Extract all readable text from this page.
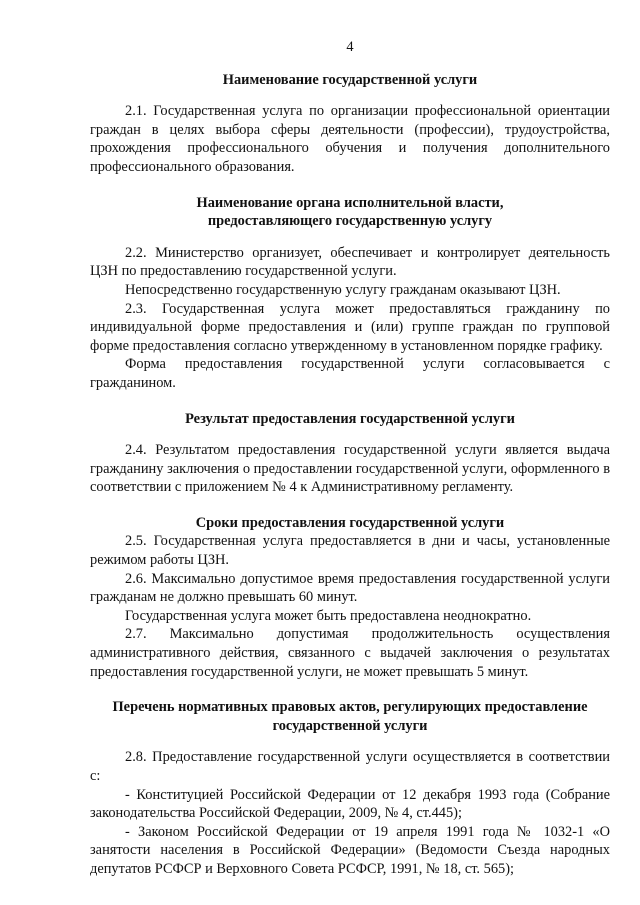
4
Наименование государственной услуги

2.1. Государственная услуга по организации профессиональной ориентации граждан в целях выбора сферы деятельности (профессии), трудоустройства, прохождения профессионального обучения и получения дополнительного профессионального образования.

Наименование органа исполнительной власти,
предоставляющего государственную услугу

2.2. Министерство организует, обеспечивает и контролирует деятельность ЦЗН по предоставлению государственной услуги.

Непосредственно государственную услугу гражданам оказывают ЦЗН.

2.3. Государственная услуга может предоставляться гражданину по индивидуальной форме предоставления и (или) группе граждан по групповой форме предоставления согласно утвержденному в установленном порядке графику.

Форма предоставления государственной услуги согласовывается с гражданином.

Результат предоставления государственной услуги

2.4. Результатом предоставления государственной услуги является выдача гражданину заключения о предоставлении государственной услуги, оформленного в соответствии с приложением № 4 к Административному регламенту.

Сроки предоставления государственной услуги

2.5. Государственная услуга предоставляется в дни и часы, установленные режимом работы ЦЗН.

2.6. Максимально допустимое время предоставления государственной услуги гражданам не должно превышать 60 минут.

Государственная услуга может быть предоставлена неоднократно.

2.7. Максимально допустимая продолжительность осуществления административного действия, связанного с выдачей заключения о результатах предоставления государственной услуги, не может превышать 5 минут.

Перечень нормативных правовых актов, регулирующих предоставление
государственной услуги

2.8. Предоставление государственной услуги осуществляется в соответствии с:

- Конституцией Российской Федерации от 12 декабря 1993 года (Собрание законодательства Российской Федерации, 2009, № 4, ст.445);

- Законом Российской Федерации от 19 апреля 1991 года № 1032-1 «О занятости населения в Российской Федерации» (Ведомости Съезда народных депутатов РСФСР и Верховного Совета РСФСР, 1991, № 18, ст. 565);
